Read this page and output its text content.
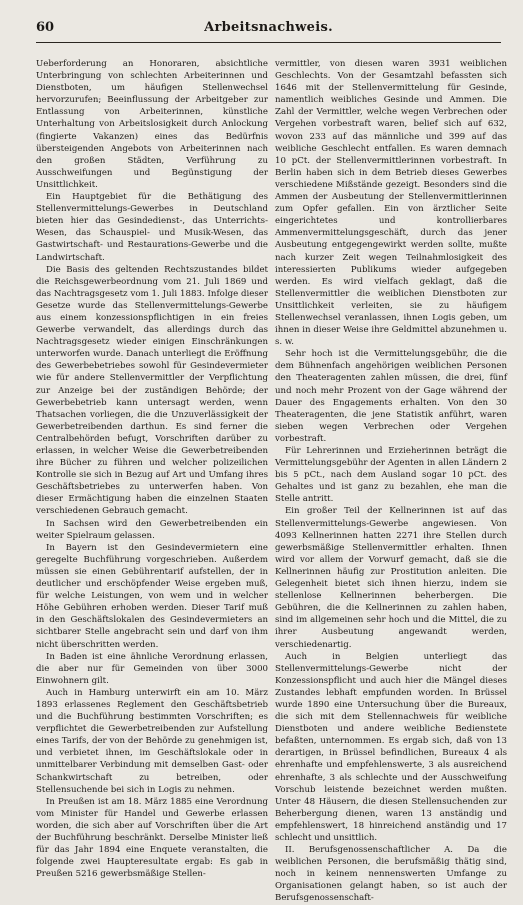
60	Arbeitsnachweis.

Ueberforderung an Honoraren, absichtliche Unterbringung von schlechten Arbeiterinnen und Dienstboten, um häufigen Stellenwechsel hervorzurufen; Beeinflussung der Arbeitgeber zur Entlassung von Arbeiterinnen, künstliche Unterhaltung von Arbeitslosigkeit durch Anlockung (fingierte Vakanzen) eines das Bedürfnis übersteigenden Angebots von Arbeiterinnen nach den großen Städten, Verführung zu Ausschweifungen und Begünstigung der Unsittlichkeit.

Ein Hauptgebiet für die Bethätigung des Stellenvermittelungs-Gewerbes in Deutschland bieten hier das Gesindedienst-, das Unterrichts-Wesen, das Schauspiel- und Musik-Wesen, das Gastwirtschaft- und Restaurations-Gewerbe und die Landwirtschaft.

Die Basis des geltenden Rechtszustandes bildet die Reichsgewerbeordnung vom 21. Juli 1869 und das Nachtragsgesetz vom 1. Juli 1883. Infolge dieser Gesetze wurde das Stellenvermittelungs-Gewerbe aus einem konzessionspflichtigen in ein freies Gewerbe verwandelt, das allerdings durch das Nachtragsgesetz wieder einigen Einschränkungen unterworfen wurde. Danach unterliegt die Eröffnung des Gewerbebetriebes sowohl für Gesindevermieter wie für andere Stellenvermittler der Verpflichtung zur Anzeige bei der zuständigen Behörde; der Gewerbebetrieb kann untersagt werden, wenn Thatsachen vorliegen, die die Unzuverlässigkeit der Gewerbetreibenden darthun. Es sind ferner die Centralbehörden befugt, Vorschriften darüber zu erlassen, in welcher Weise die Gewerbetreibenden ihre Bücher zu führen und welcher polizeilichen Kontrolle sie sich in Bezug auf Art und Umfang ihres Geschäftsbetriebes zu unterwerfen haben. Von dieser Ermächtigung haben die einzelnen Staaten verschiedenen Gebrauch gemacht.

In Sachsen wird den Gewerbetreibenden ein weiter Spielraum gelassen.

In Bayern ist den Gesindevermietern eine geregelte Buchführung vorgeschrieben. Außerdem müssen sie einen Gebührentarif aufstellen, der in deutlicher und erschöpfender Weise ergeben muß, für welche Leistungen, von wem und in welcher Höhe Gebühren erhoben werden. Dieser Tarif muß in den Geschäftslokalen des Gesindevermieters an sichtbarer Stelle angebracht sein und darf von ihm nicht überschritten werden.

In Baden ist eine ähnliche Verordnung erlassen, die aber nur für Gemeinden von über 3000 Einwohnern gilt.

Auch in Hamburg unterwirft ein am 10. März 1893 erlassenes Reglement den Geschäftsbetrieb und die Buchführung bestimmten Vorschriften; es verpflichtet die Gewerbetreibenden zur Aufstellung eines Tarifs, der von der Behörde zu genehmigen ist, und verbietet ihnen, im Geschäftslokale oder in unmittelbarer Verbindung mit demselben Gast- oder Schankwirtschaft zu betreiben, oder Stellensuchende bei sich in Logis zu nehmen.

In Preußen ist am 18. März 1885 eine Verordnung vom Minister für Handel und Gewerbe erlassen worden, die sich aber auf Vorschriften über die Art der Buchführung beschränkt. Derselbe Minister ließ für das Jahr 1894 eine Enquete veranstalten, die folgende zwei Haupteresultate ergab: Es gab in Preußen 5216 gewerbsmäßige Stellen-

vermittler, von diesen waren 3931 weiblichen Geschlechts. Von der Gesamtzahl befassten sich 1646 mit der Stellenvermittelung für Gesinde, namentlich weibliches Gesinde und Ammen. Die Zahl der Vermittler, welche wegen Verbrechen oder Vergehen vorbestraft waren, belief sich auf 632, wovon 233 auf das männliche und 399 auf das weibliche Geschlecht entfallen. Es waren demnach 10 pCt. der Stellenvermittlerinnen vorbestraft. In Berlin haben sich in dem Betrieb dieses Gewerbes verschiedene Mißstände gezeigt. Besonders sind die Ammen der Ausbeutung der Stellenvermittlerinnen zum Opfer gefallen. Ein von ärztlicher Seite eingerichtetes und kontrollierbares Ammenvermittelungsgeschäft, durch das jener Ausbeutung entgegengewirkt werden sollte, mußte nach kurzer Zeit wegen Teilnahmlosigkeit des interessierten Publikums wieder aufgegeben werden. Es wird vielfach geklagt, daß die Stellenvermittler die weiblichen Dienstboten zur Unsittlichkeit verleiten, sie zu häufigem Stellenwechsel veranlassen, ihnen Logis geben, um ihnen in dieser Weise ihre Geldmittel abzunehmen u. s. w.

Sehr hoch ist die Vermittelungsgebühr, die die dem Bühnenfach angehörigen weiblichen Personen den Theateragenten zahlen müssen, die drei, fünf und noch mehr Prozent von der Gage während der Dauer des Engagements erhalten. Von den 30 Theateragenten, die jene Statistik anführt, waren sieben wegen Verbrechen oder Vergehen vorbestraft.

Für Lehrerinnen und Erzieherinnen beträgt die Vermittelungsgebühr der Agenten in allen Ländern 2 bis 5 pCt., nach dem Ausland sogar 10 pCt. des Gehaltes und ist ganz zu bezahlen, ehe man die Stelle antritt.

Ein großer Teil der Kellnerinnen ist auf das Stellenvermittelungs-Gewerbe angewiesen. Von 4093 Kellnerinnen hatten 2271 ihre Stellen durch gewerbsmäßige Stellenvermittler erhalten. Ihnen wird vor allem der Vorwurf gemacht, daß sie die Kellnerinnen häufig zur Prostitution anleiten. Die Gelegenheit bietet sich ihnen hierzu, indem sie stellenlose Kellnerinnen beherbergen. Die Gebühren, die die Kellnerinnen zu zahlen haben, sind im allgemeinen sehr hoch und die Mittel, die zu ihrer Ausbeutung angewandt werden, verschiedenartig.

Auch in Belgien unterliegt das Stellenvermittelungs-Gewerbe nicht der Konzessionspflicht und auch hier die Mängel dieses Zustandes lebhaft empfunden worden. In Brüssel wurde 1890 eine Untersuchung über die Bureaux, die sich mit dem Stellennachweis für weibliche Dienstboten und andere weibliche Bedienstete befaßten, unternommen. Es ergab sich, daß von 13 derartigen, in Brüssel befindlichen, Bureaux 4 als ehrenhafte und empfehlenswerte, 3 als ausreichend ehrenhafte, 3 als schlechte und der Ausschweifung Vorschub leistende bezeichnet werden mußten. Unter 48 Häusern, die diesen Stellensuchenden zur Beherbergung dienen, waren 13 anständig und empfehlenswert, 18 hinreichend anständig und 17 schlecht und unsittlich.

II. Berufsgenossenschaftlicher A. Da die weiblichen Personen, die berufsmäßig thätig sind, noch in keinem nennenswerten Umfange zu Organisationen gelangt haben, so ist auch der Berufsgenossenschaft-
